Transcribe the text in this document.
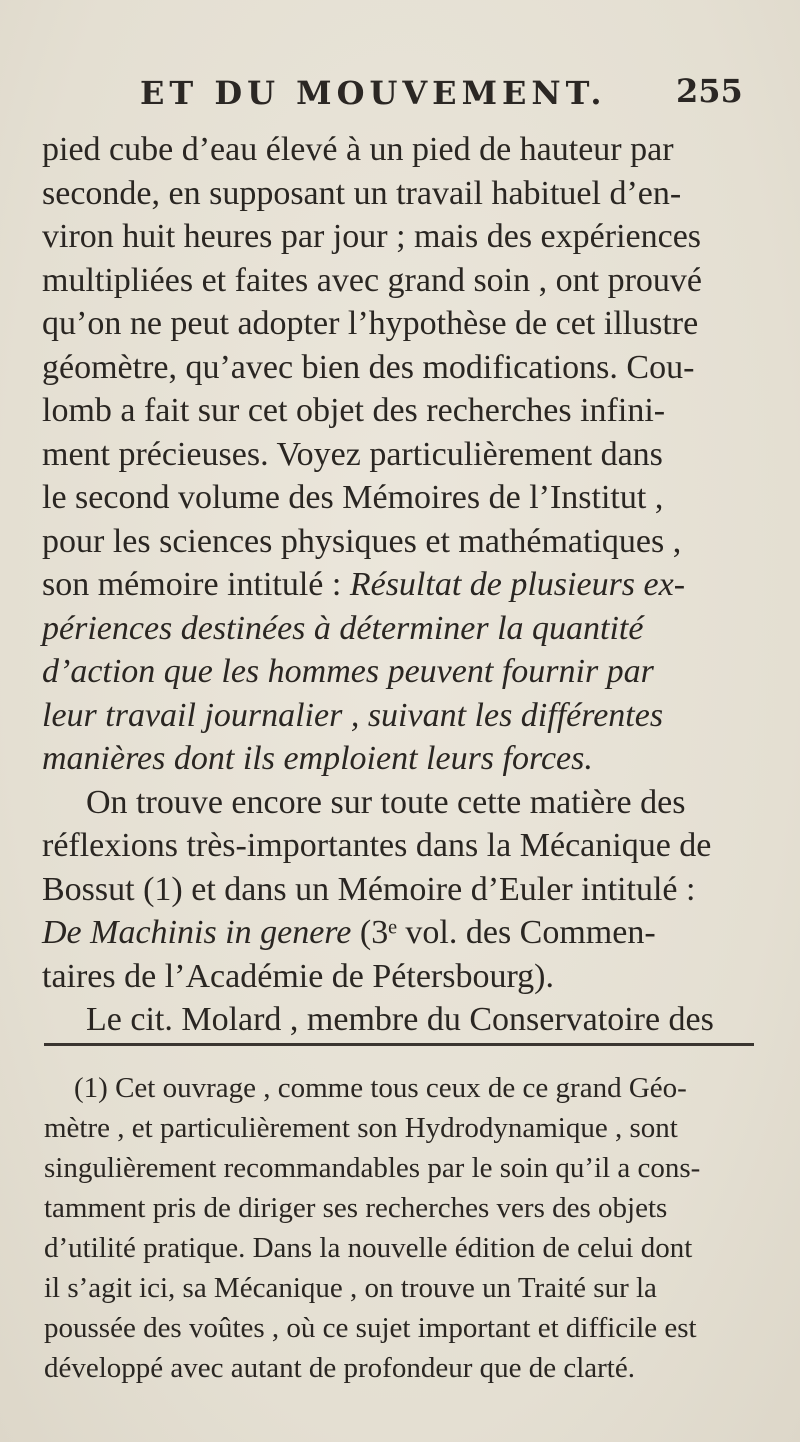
ET DU MOUVEMENT. 255
pied cube d’eau élevé à un pied de hauteur par
seconde, en supposant un travail habituel d’en-
viron huit heures par jour ; mais des expériences
multipliées et faites avec grand soin , ont prouvé
qu’on ne peut adopter l’hypothèse de cet illustre
géomètre, qu’avec bien des modifications. Cou-
lomb a fait sur cet objet des recherches infini-
ment précieuses. Voyez particulièrement dans
le second volume des Mémoires de l’Institut ,
pour les sciences physiques et mathématiques ,
son mémoire intitulé : Résultat de plusieurs ex-
périences destinées à déterminer la quantité
d’action que les hommes peuvent fournir par
leur travail journalier , suivant les différentes
manières dont ils emploient leurs forces.
On trouve encore sur toute cette matière des
réflexions très-importantes dans la Mécanique de
Bossut (1) et dans un Mémoire d’Euler intitulé :
De Machinis in genere (3ᵉ vol. des Commen-
taires de l’Académie de Pétersbourg).
Le cit. Molard , membre du Conservatoire des
(1) Cet ouvrage , comme tous ceux de ce grand Géo-
mètre , et particulièrement son Hydrodynamique , sont
singulièrement recommandables par le soin qu’il a cons-
tamment pris de diriger ses recherches vers des objets
d’utilité pratique. Dans la nouvelle édition de celui dont
il s’agit ici, sa Mécanique , on trouve un Traité sur la
poussée des voûtes , où ce sujet important et difficile est
développé avec autant de profondeur que de clarté.
